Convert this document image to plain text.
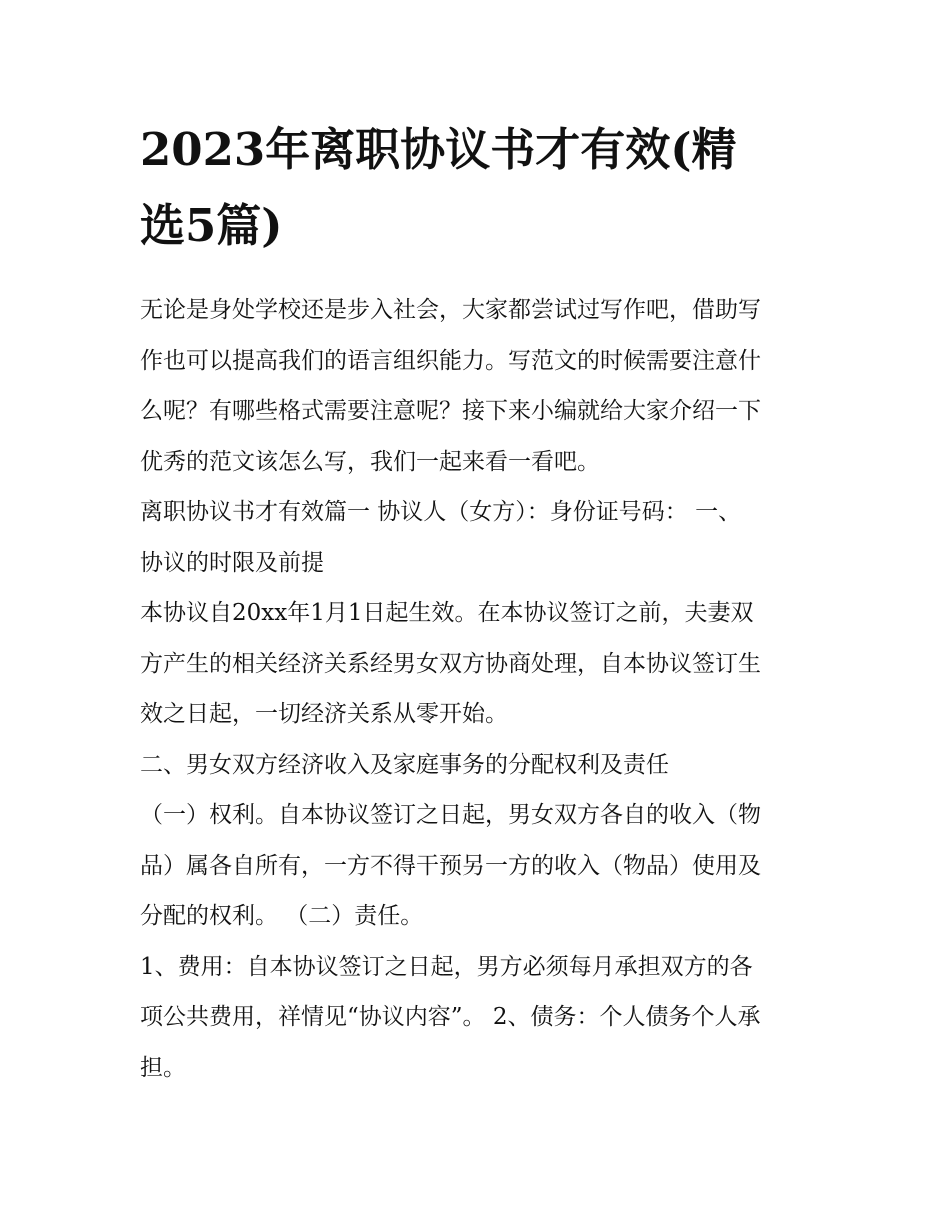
2023年离职协议书才有效(精
选5篇)

无论是身处学校还是步入社会，大家都尝试过写作吧，借助写
作也可以提高我们的语言组织能力。写范文的时候需要注意什
么呢？有哪些格式需要注意呢？接下来小编就给大家介绍一下
优秀的范文该怎么写，我们一起来看一看吧。

离职协议书才有效篇一 协议人（女方）：身份证号码： 一、
协议的时限及前提

本协议自20xx年1月1日起生效。在本协议签订之前，夫妻双
方产生的相关经济关系经男女双方协商处理，自本协议签订生
效之日起，一切经济关系从零开始。

二、男女双方经济收入及家庭事务的分配权利及责任

（一）权利。自本协议签订之日起，男女双方各自的收入（物
品）属各自所有，一方不得干预另一方的收入（物品）使用及
分配的权利。 （二）责任。

1、费用：自本协议签订之日起，男方必须每月承担双方的各
项公共费用，祥情见“协议内容”。 2、债务：个人债务个人承
担。
